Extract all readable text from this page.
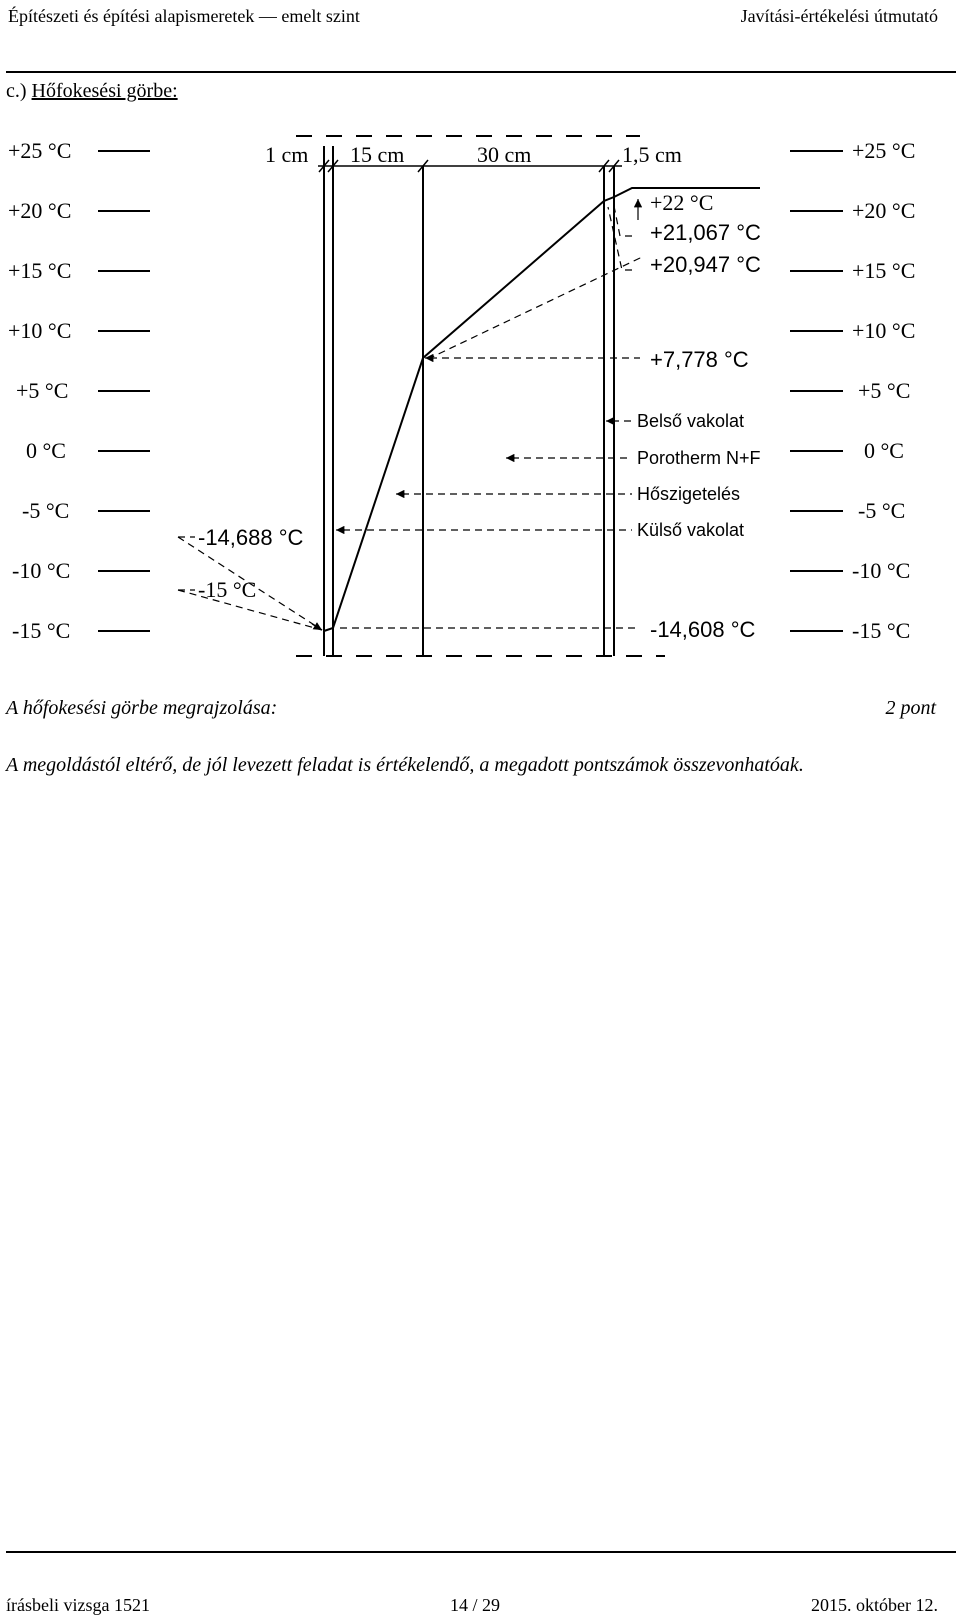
Építészeti és építési alapismeretek — emelt szint	Javítási-értékelési útmutató
c.) Hőfokesési görbe:
+25 °C
+20 °C
+15 °C
+10 °C
+5 °C
0 °C
-5 °C
-10 °C
-15 °C
+25 °C
+20 °C
+15 °C
+10 °C
+5 °C
0 °C
-5 °C
-10 °C
-15 °C
1 cm 15 cm	30 cm	1,5 cm
+22 °C
+21,067 °C
+20,947 °C
+7,778 °C
-14,688 °C
-15 °C
-14,608 °C
Belső vakolat
Porotherm N+F
Hőszigetelés
Külső vakolat
A hőfokesési görbe megrajzolása:	2 pont
A megoldástól eltérő, de jól levezett feladat is értékelendő, a megadott pontszámok összevonhatóak.
írásbeli vizsga 1521	14 / 29	2015. október 12.
